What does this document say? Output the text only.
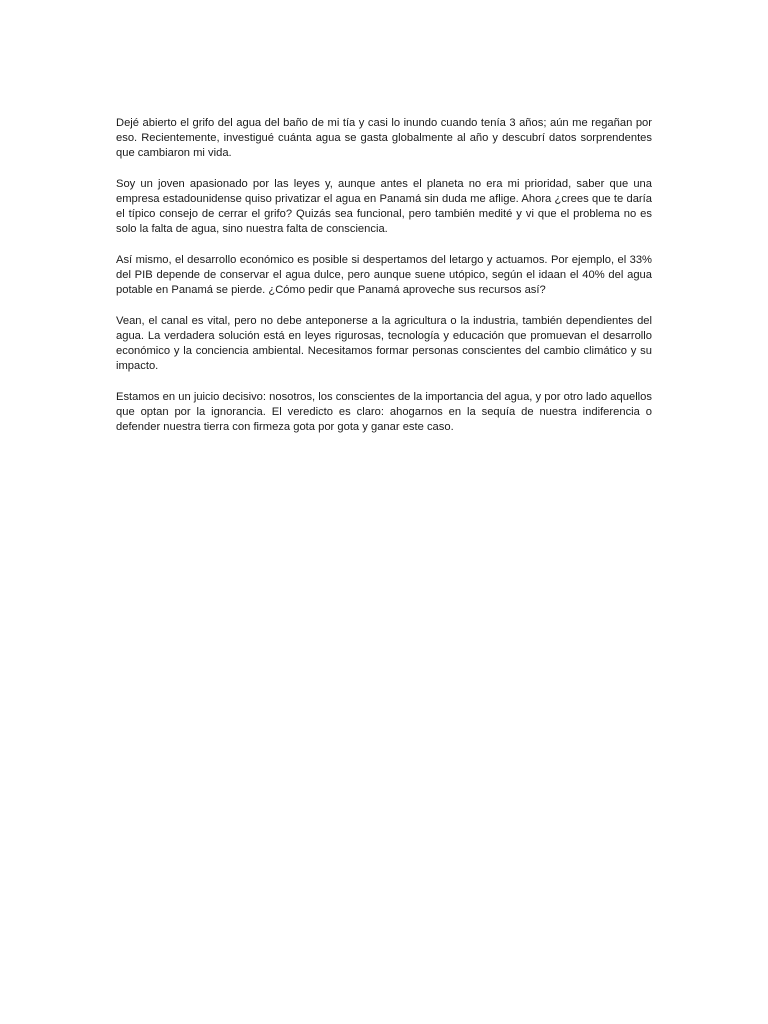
Dejé abierto el grifo del agua del baño de mi tía y casi lo inundo cuando tenía 3 años; aún me regañan por eso. Recientemente, investigué cuánta agua se gasta globalmente al año y descubrí datos sorprendentes que cambiaron mi vida.

Soy un joven apasionado por las leyes y, aunque antes el planeta no era mi prioridad, saber que una empresa estadounidense quiso privatizar el agua en Panamá sin duda me aflige. Ahora ¿crees que te daría el típico consejo de cerrar el grifo? Quizás sea funcional, pero también medité y vi que el problema no es solo la falta de agua, sino nuestra falta de consciencia.

Así mismo, el desarrollo económico es posible si despertamos del letargo y actuamos. Por ejemplo, el 33% del PIB depende de conservar el agua dulce, pero aunque suene utópico, según el idaan el 40% del agua potable en Panamá se pierde. ¿Cómo pedir que Panamá aproveche sus recursos así?

Vean, el canal es vital, pero no debe anteponerse a la agricultura o la industria, también dependientes del agua. La verdadera solución está en leyes rigurosas, tecnología y educación que promuevan el desarrollo económico y la conciencia ambiental. Necesitamos formar personas conscientes del cambio climático y su impacto.

Estamos en un juicio decisivo: nosotros, los conscientes de la importancia del agua, y por otro lado aquellos que optan por la ignorancia. El veredicto es claro: ahogarnos en la sequía de nuestra indiferencia o defender nuestra tierra con firmeza gota por gota y ganar este caso.
